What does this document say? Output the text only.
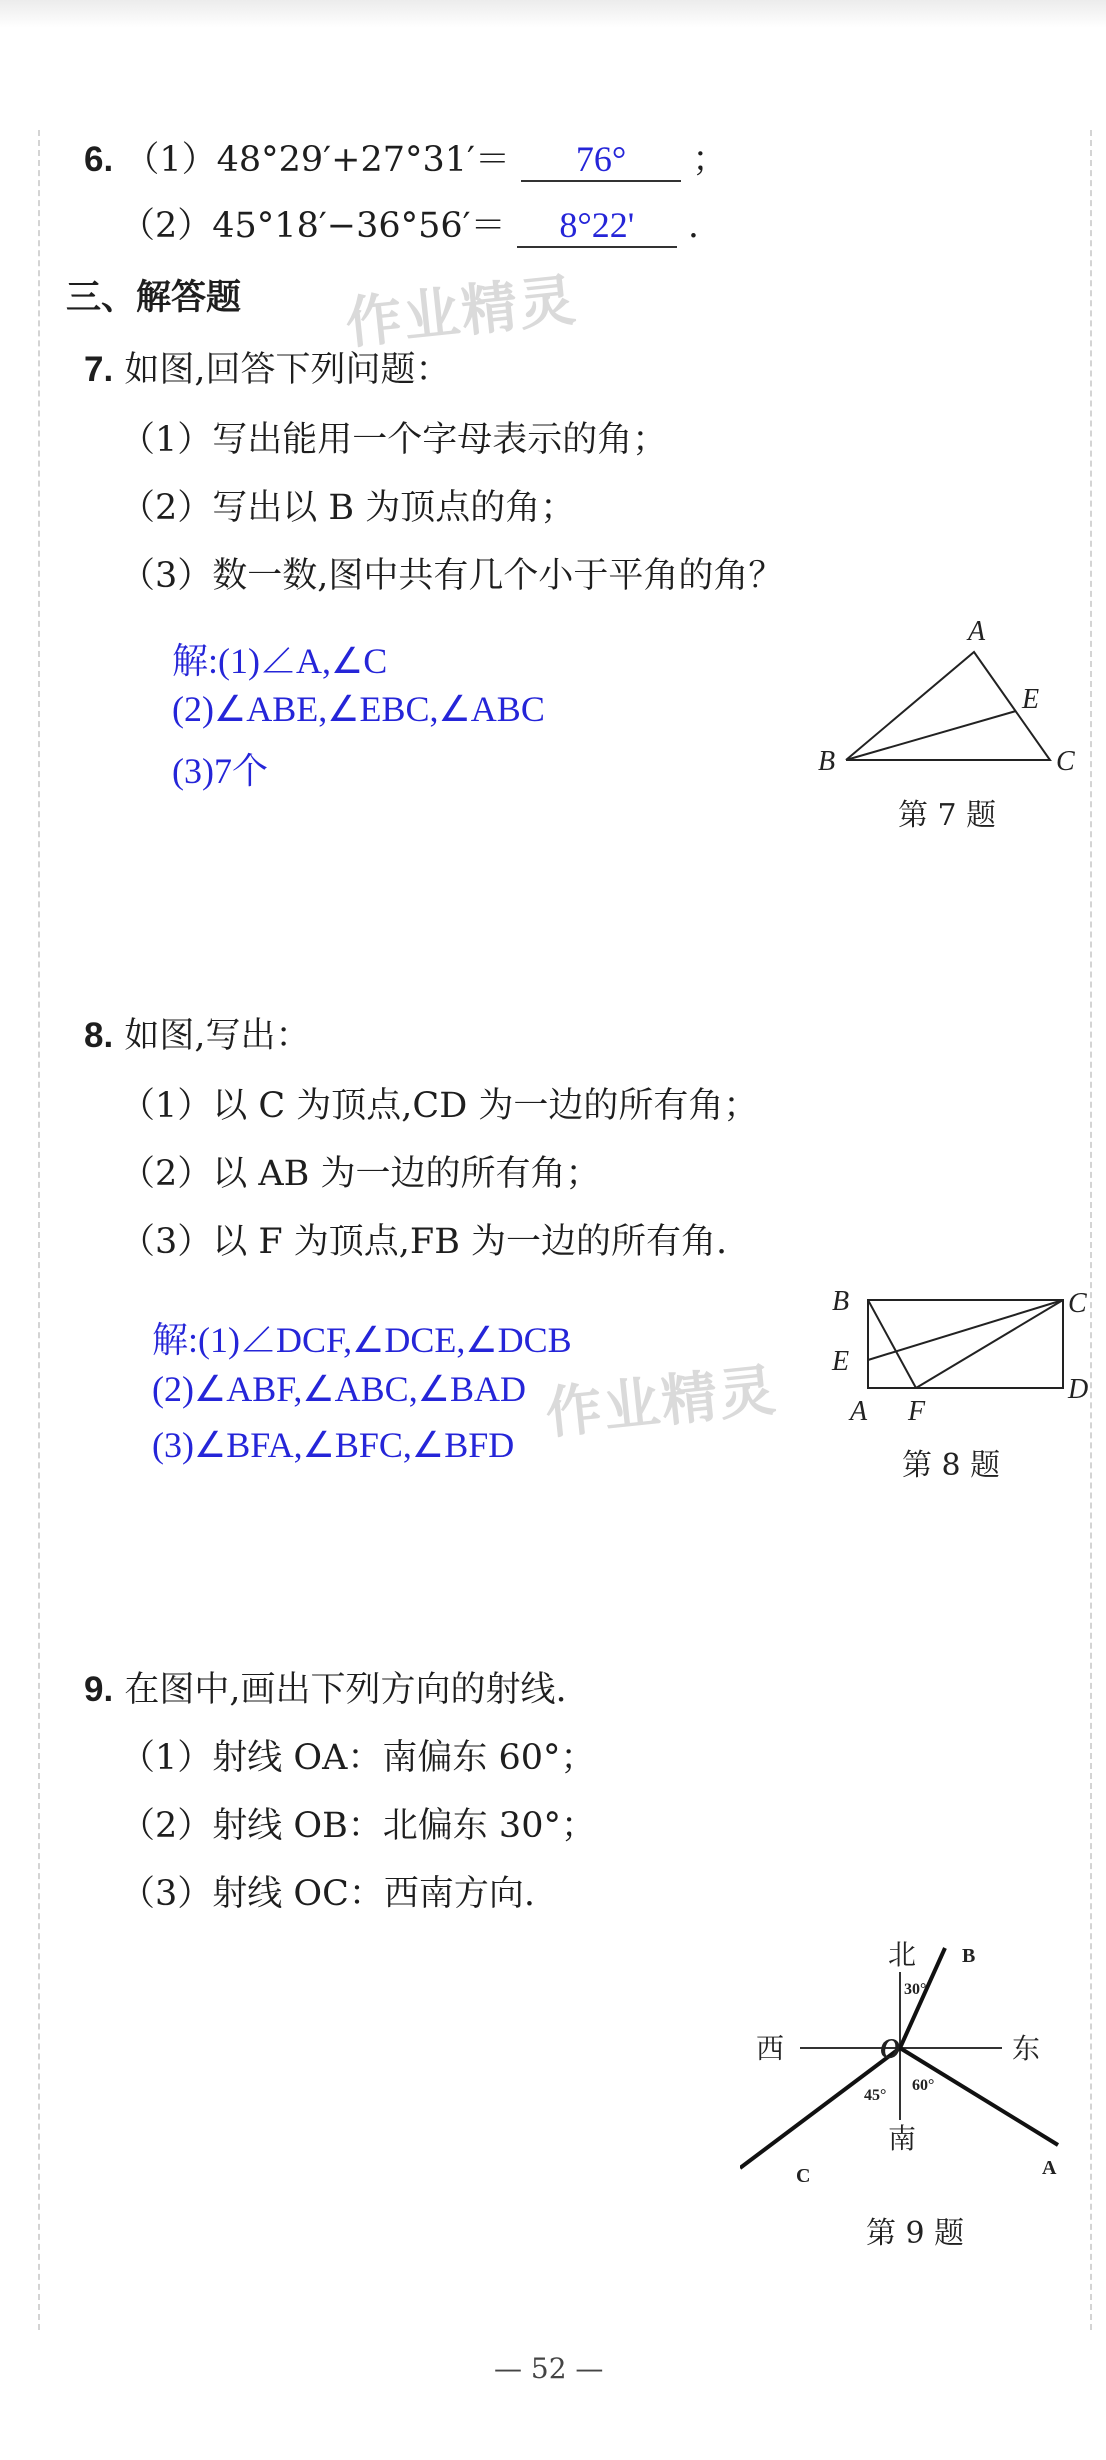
6. （1）48°29′+27°31′＝ 76° ；
（2）45°18′−36°56′＝ 8°22' .
三、解答题 作业精灵
7. 如图,回答下列问题：
（1）写出能用一个字母表示的角；
（2）写出以 B 为顶点的角；
（3）数一数,图中共有几个小于平角的角？
解:(1)∠A,∠C
(2)∠ABE,∠EBC,∠ABC
(3)7个
A
E
B	C
第 7 题
8. 如图,写出：
（1）以 C 为顶点,CD 为一边的所有角；
（2）以 AB 为一边的所有角；
（3）以 F 为顶点,FB 为一边的所有角.
解:(1)∠DCF,∠DCE,∠DCB
(2)∠ABF,∠ABC,∠BAD
(3)∠BFA,∠BFC,∠BFD 作业精灵
B	C
E
D
A F
第 8 题
9. 在图中,画出下列方向的射线.
（1）射线 OA：南偏东 60°；
（2）射线 OB：北偏东 30°；
（3）射线 OC：西南方向.
北
南
西	东
O
B
A
C
30°
60°
45°
第 9 题
— 52 —
